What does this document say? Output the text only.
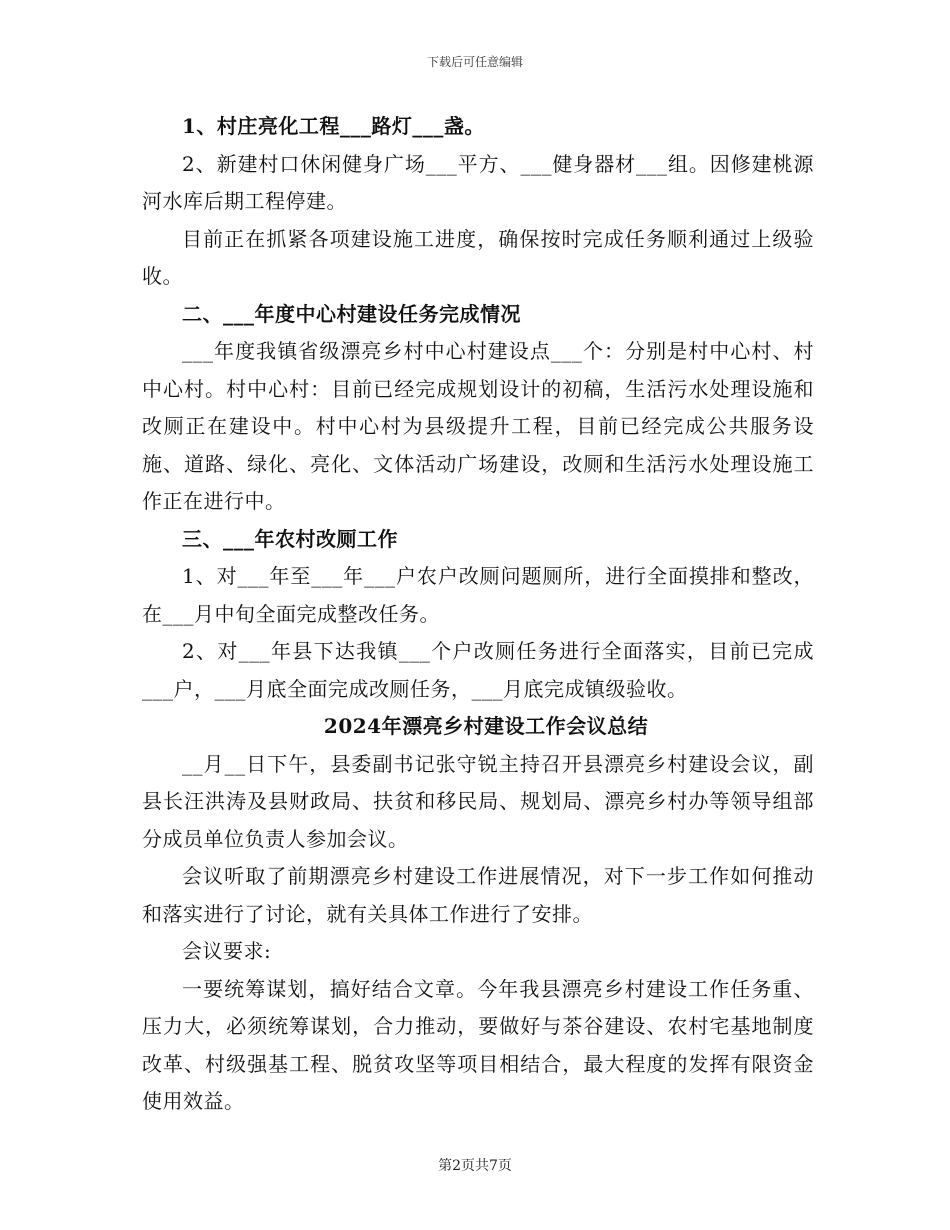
下载后可任意编辑

1、村庄亮化工程___路灯___盏。

2、新建村口休闲健身广场___平方、___健身器材___组。因修建桃源河水库后期工程停建。

目前正在抓紧各项建设施工进度，确保按时完成任务顺利通过上级验收。

二、___年度中心村建设任务完成情况

___年度我镇省级漂亮乡村中心村建设点___个：分别是村中心村、村中心村。村中心村：目前已经完成规划设计的初稿，生活污水处理设施和改厕正在建设中。村中心村为县级提升工程，目前已经完成公共服务设施、道路、绿化、亮化、文体活动广场建设，改厕和生活污水处理设施工作正在进行中。

三、___年农村改厕工作

1、对___年至___年___户农户改厕问题厕所，进行全面摸排和整改，在___月中旬全面完成整改任务。

2、对___年县下达我镇___个户改厕任务进行全面落实，目前已完成___户，___月底全面完成改厕任务，___月底完成镇级验收。

2024年漂亮乡村建设工作会议总结

__月__日下午，县委副书记张守锐主持召开县漂亮乡村建设会议，副县长汪洪涛及县财政局、扶贫和移民局、规划局、漂亮乡村办等领导组部分成员单位负责人参加会议。

会议听取了前期漂亮乡村建设工作进展情况，对下一步工作如何推动和落实进行了讨论，就有关具体工作进行了安排。

会议要求:

一要统筹谋划，搞好结合文章。今年我县漂亮乡村建设工作任务重、压力大，必须统筹谋划，合力推动，要做好与茶谷建设、农村宅基地制度改革、村级强基工程、脱贫攻坚等项目相结合，最大程度的发挥有限资金使用效益。

第2页共7页
